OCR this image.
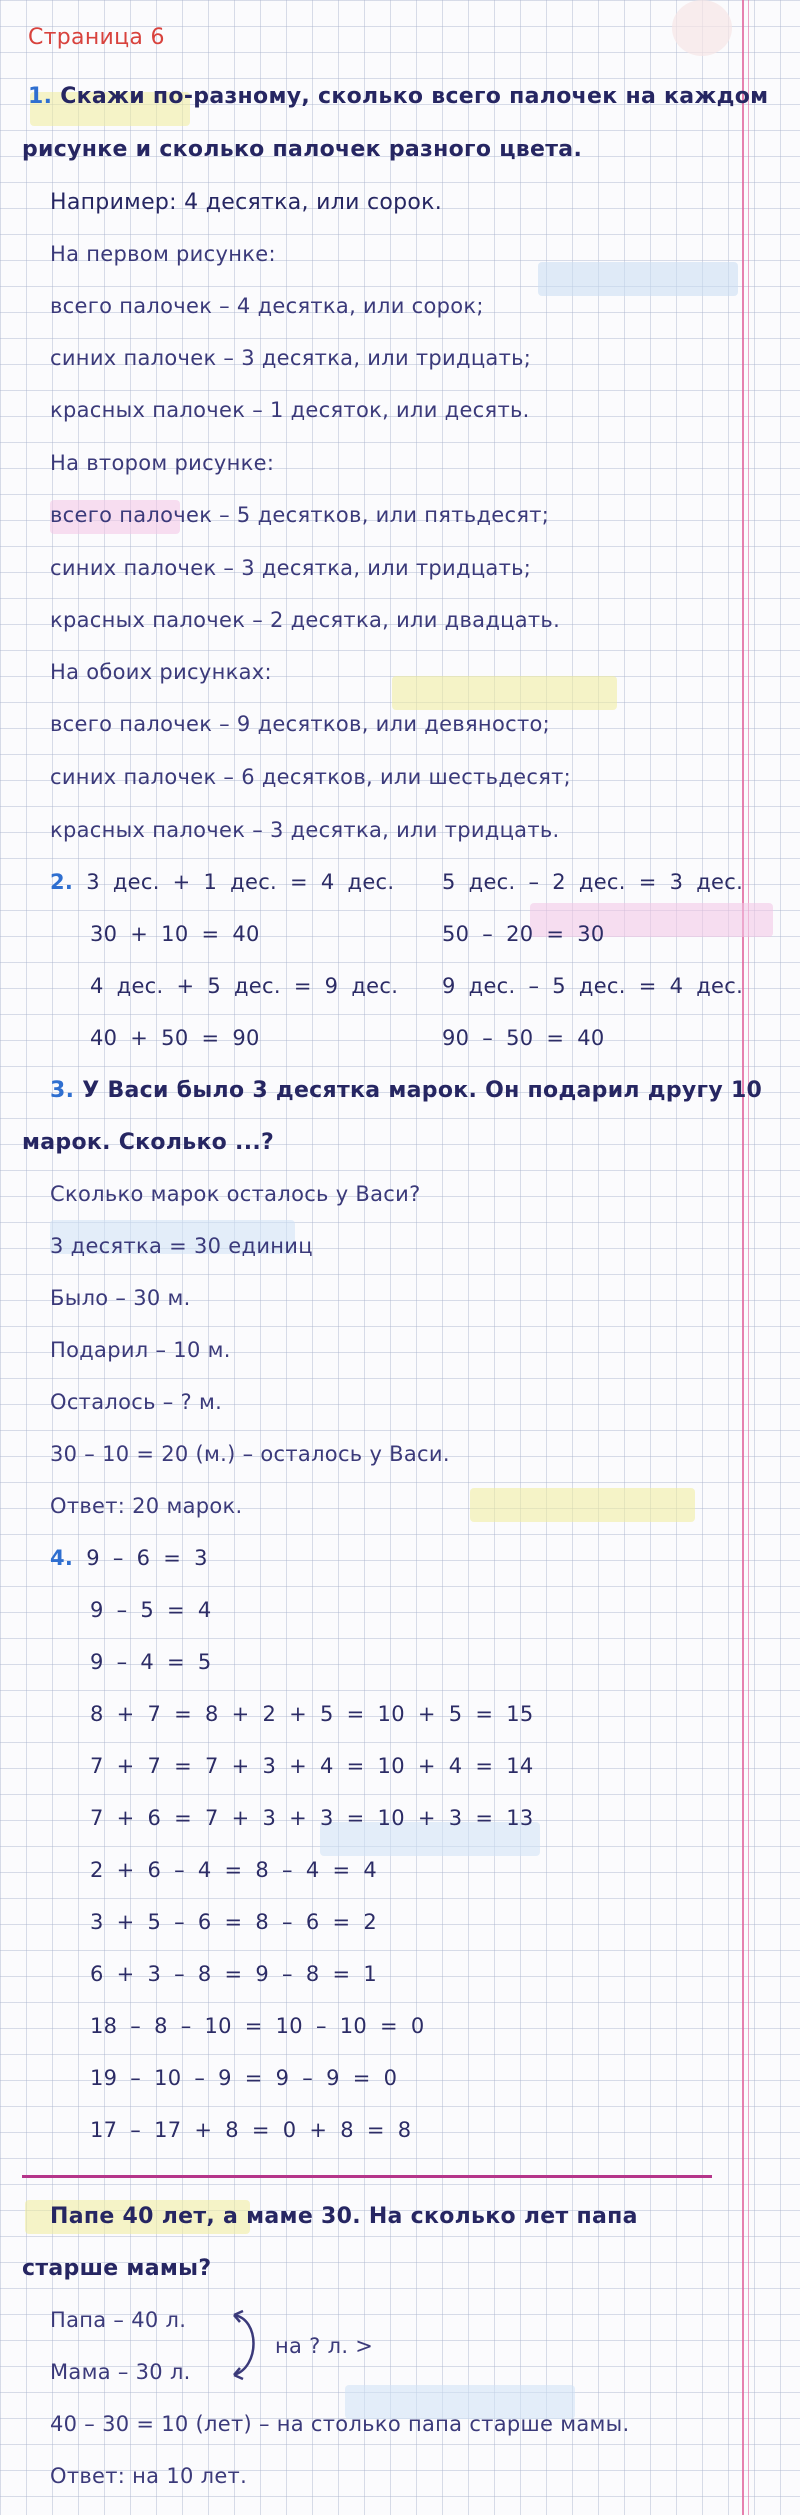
Страница 6
1. Скажи по-разному, сколько всего палочек на каждом
рисунке и сколько палочек разного цвета.
Например: 4 десятка, или сорок.
На первом рисунке:
всего палочек – 4 десятка, или сорок;
синих палочек – 3 десятка, или тридцать;
красных палочек – 1 десяток, или десять.
На втором рисунке:
всего палочек – 5 десятков, или пятьдесят;
синих палочек – 3 десятка, или тридцать;
красных палочек – 2 десятка, или двадцать.
На обоих рисунках:
всего палочек – 9 десятков, или девяносто;
синих палочек – 6 десятков, или шестьдесят;
красных палочек – 3 десятка, или тридцать.
2. 3 дес. + 1 дес. = 4 дес. 5 дес. – 2 дес. = 3 дес.
30 + 10 = 40	50 – 20 = 30
4 дес. + 5 дес. = 9 дес. 9 дес. – 5 дес. = 4 дес.
40 + 50 = 90	90 – 50 = 40
3. У Васи было 3 десятка марок. Он подарил другу 10
марок. Сколько ...?
Сколько марок осталось у Васи?
3 десятка = 30 единиц
Было – 30 м.
Подарил – 10 м.
Осталось – ? м.
30 – 10 = 20 (м.) – осталось у Васи.
Ответ: 20 марок.
4. 9 – 6 = 3
9 – 5 = 4
9 – 4 = 5
8 + 7 = 8 + 2 + 5 = 10 + 5 = 15
7 + 7 = 7 + 3 + 4 = 10 + 4 = 14
7 + 6 = 7 + 3 + 3 = 10 + 3 = 13
2 + 6 – 4 = 8 – 4 = 4
3 + 5 – 6 = 8 – 6 = 2
6 + 3 – 8 = 9 – 8 = 1
18 – 8 – 10 = 10 – 10 = 0
19 – 10 – 9 = 9 – 9 = 0
17 – 17 + 8 = 0 + 8 = 8
Папе 40 лет, а маме 30. На сколько лет папа
старше мамы?
Папа – 40 л.
Мама – 30 л.
на ? л. >
40 – 30 = 10 (лет) – на столько папа старше мамы.
Ответ: на 10 лет.
